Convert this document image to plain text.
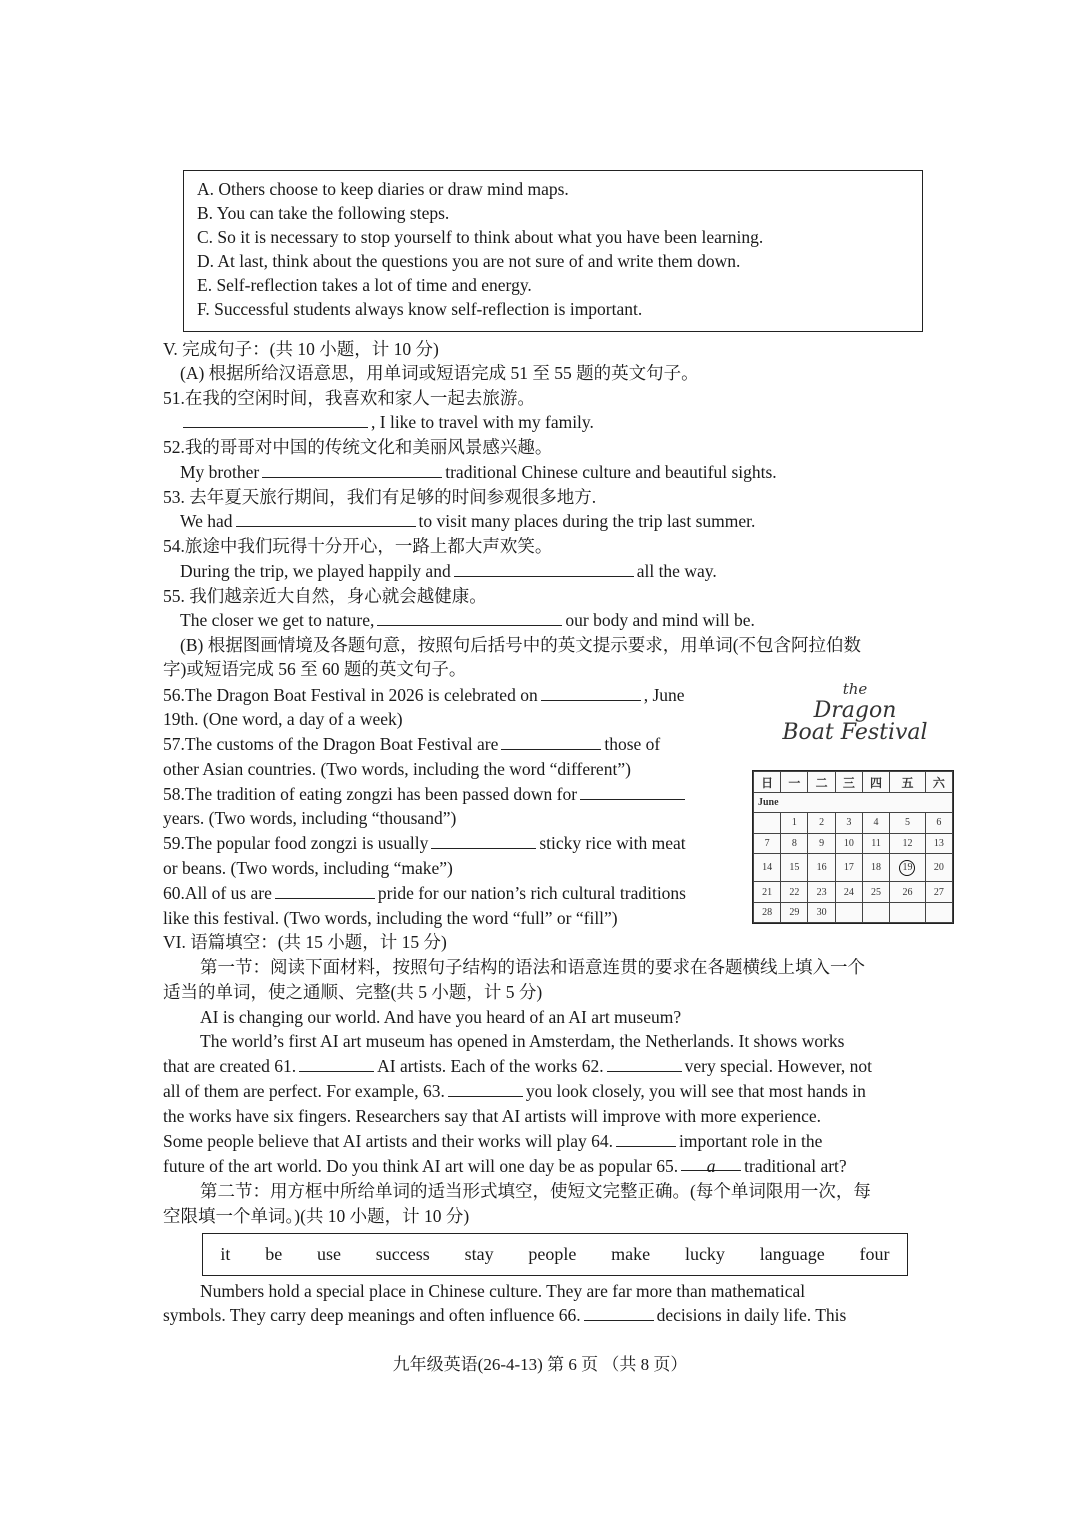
A. Others choose to keep diaries or draw mind maps.
B. You can take the following steps.
C. So it is necessary to stop yourself to think about what you have been learning.
D. At last, think about the questions you are not sure of and write them down.
E. Self-reflection takes a lot of time and energy.
F. Successful students always know self-reflection is important.
V. 完成句子：(共 10 小题，计 10 分)
(A) 根据所给汉语意思，用单词或短语完成 51 至 55 题的英文句子。
51.在我的空闲时间，我喜欢和家人一起去旅游。
, I like to travel with my family.
52.我的哥哥对中国的传统文化和美丽风景感兴趣。
My brother	traditional Chinese culture and beautiful sights.
53. 去年夏天旅行期间，我们有足够的时间参观很多地方.
We had	to visit many places during the trip last summer.
54.旅途中我们玩得十分开心，一路上都大声欢笑。
During the trip, we played happily and	all the way.
55. 我们越亲近大自然，身心就会越健康。
The closer we get to nature,	our body and mind will be.
(B) 根据图画情境及各题句意，按照句后括号中的英文提示要求，用单词(不包含阿拉伯数
字)或短语完成 56 至 60 题的英文句子。
56.The Dragon Boat Festival in 2026 is celebrated on	, June
19th. (One word, a day of a week)
57.The customs of the Dragon Boat Festival are	those of
other Asian countries. (Two words, including the word “different”)
58.The tradition of eating zongzi has been passed down for
years. (Two words, including “thousand”)
59.The popular food zongzi is usually	sticky rice with meat
or beans. (Two words, including “make”)
60.All of us are	pride for our nation’s rich cultural traditions
like this festival. (Two words, including the word “full” or “fill”)
the
Dragon
Boat Festival
日	一	二	三	四	五	六
June						
	1	2	3	4	5	6
7	8	9	10	11	12	13
14	15	16	17	18	19	20
21	22	23	24	25	26	27
28	29	30				
VI. 语篇填空：(共 15 小题，计 15 分)
第一节：阅读下面材料，按照句子结构的语法和语意连贯的要求在各题横线上填入一个
适当的单词，使之通顺、完整(共 5 小题，计 5 分)
AI is changing our world. And have you heard of an AI art museum?
The world’s first AI art museum has opened in Amsterdam, the Netherlands. It shows works
that are created 61.	AI artists. Each of the works 62.	very special. However, not
all of them are perfect. For example, 63.	you look closely, you will see that most hands in
the works have six fingers. Researchers say that AI artists will improve with more experience.
Some people believe that AI artists and their works will play 64.	important role in the
future of the art world. Do you think AI art will one day be as popular 65. a traditional art?
第二节：用方框中所给单词的适当形式填空，使短文完整正确。(每个单词限用一次，每
空限填一个单词。)(共 10 小题，计 10 分)
it be use success stay people make lucky language four
Numbers hold a special place in Chinese culture. They are far more than mathematical
symbols. They carry deep meanings and often influence 66.	decisions in daily life. This
九年级英语(26-4-13) 第 6 页 （共 8 页）
